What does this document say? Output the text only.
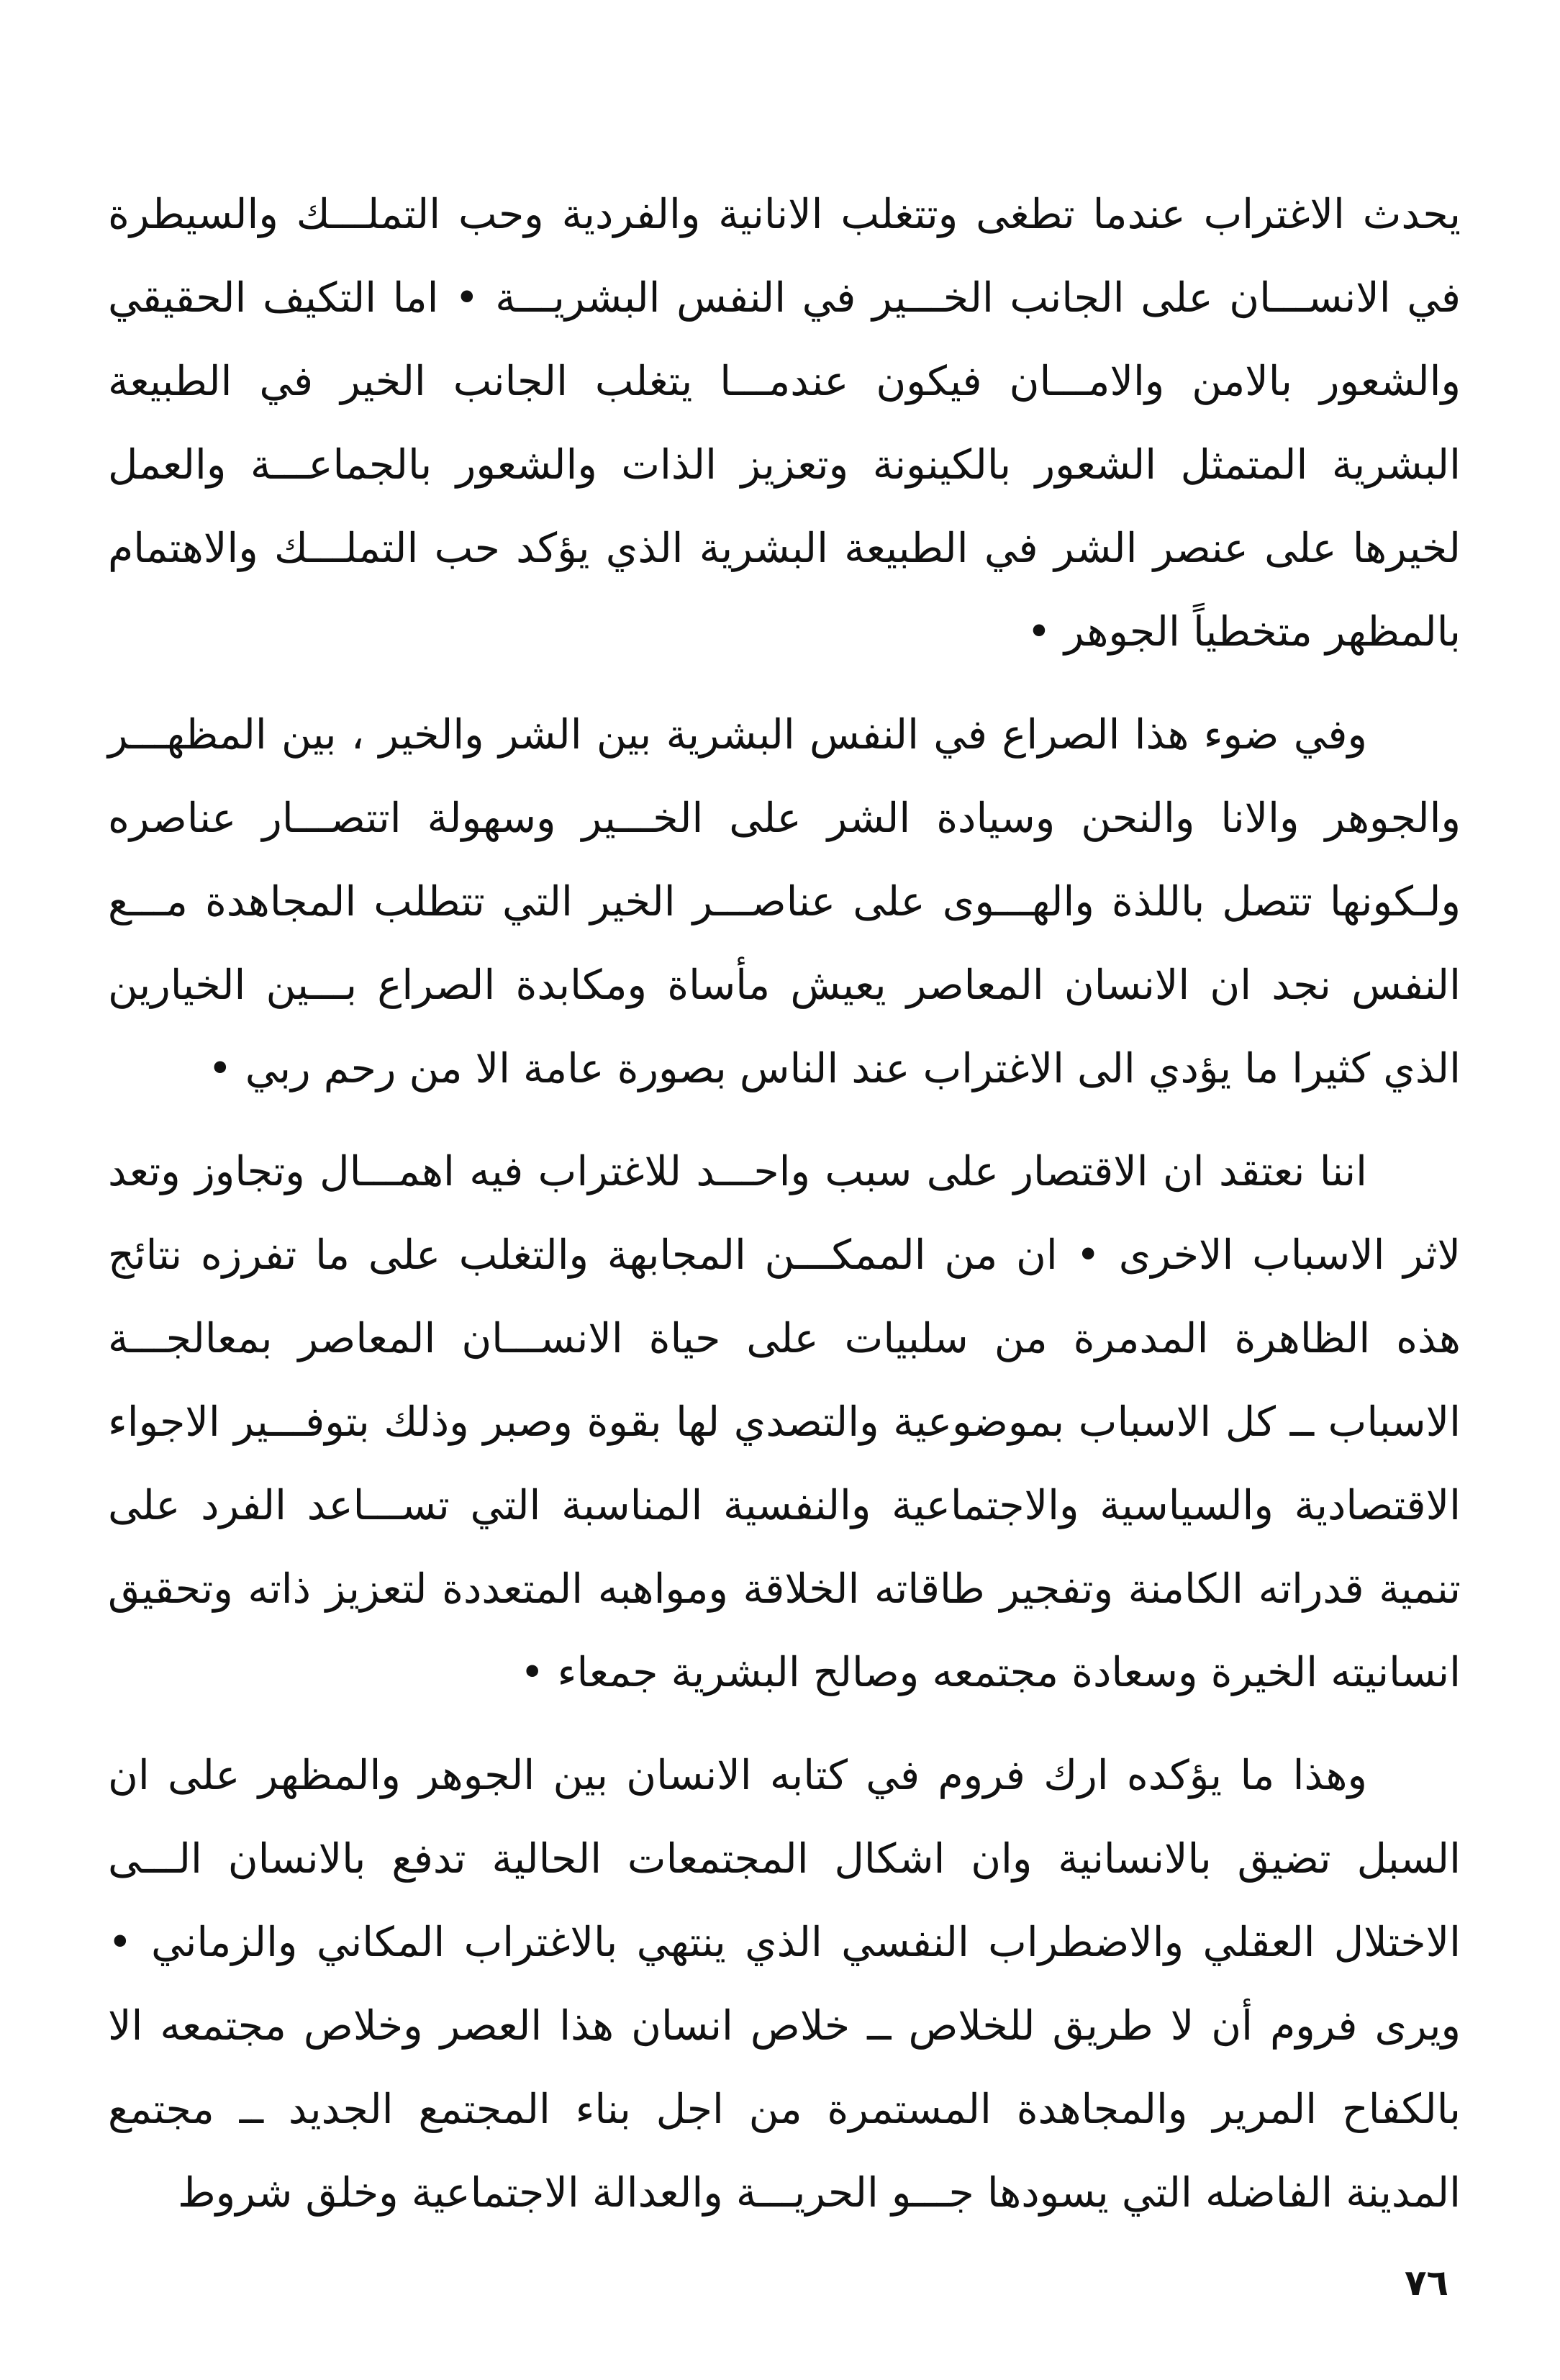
يحدث الاغتراب عندما تطغى وتتغلب الانانية والفردية وحب التملـــك والسيطرة في الانســـان على الجانب الخـــير في النفس البشريـــة • اما التكيف الحقيقي والشعور بالامن والامـــان فيكون عندمـــا يتغلب الجانب الخير في الطبيعة البشرية المتمثل الشعور بالكينونة وتعزيز الذات والشعور بالجماعـــة والعمل لخيرها على عنصر الشر في الطبيعة البشرية الذي يؤكد حب التملـــك والاهتمام بالمظهر متخطياً الجوهر •

وفي ضوء هذا الصراع في النفس البشرية بين الشر والخير ، بين المظهـــر والجوهر والانا والنحن وسيادة الشر على الخـــير وسهولة اتتصـــار عناصره ولـكونها تتصل باللذة والهـــوى على عناصـــر الخير التي تتطلب المجاهدة مـــع النفس نجد ان الانسان المعاصر يعيش مأساة ومكابدة الصراع بـــين الخيارين الذي كثيرا ما يؤدي الى الاغتراب عند الناس بصورة عامة الا من رحم ربي •

اننا نعتقد ان الاقتصار على سبب واحـــد للاغتراب فيه اهمـــال وتجاوز وتعد لاثر الاسباب الاخرى • ان من الممكـــن المجابهة والتغلب على ما تفرزه نتائج هذه الظاهرة المدمرة من سلبيات على حياة الانســـان المعاصر بمعالجـــة الاسباب ــ كل الاسباب بموضوعية والتصدي لها بقوة وصبر وذلك بتوفـــير الاجواء الاقتصادية والسياسية والاجتماعية والنفسية المناسبة التي تســـاعد الفرد على تنمية قدراته الكامنة وتفجير طاقاته الخلاقة ومواهبه المتعددة لتعزيز ذاته وتحقيق انسانيته الخيرة وسعادة مجتمعه وصالح البشرية جمعاء •

وهذا ما يؤكده ارك فروم في كتابه الانسان بين الجوهر والمظهر على ان السبل تضيق بالانسانية وان اشكال المجتمعات الحالية تدفع بالانسان الـــى الاختلال العقلي والاضطراب النفسي الذي ينتهي بالاغتراب المكاني والزماني • ويرى فروم أن لا طريق للخلاص ــ خلاص انسان هذا العصر وخلاص مجتمعه الا بالكفاح المرير والمجاهدة المستمرة من اجل بناء المجتمع الجديد ــ مجتمع المدينة الفاضله التي يسودها جـــو الحريـــة والعدالة الاجتماعية وخلق شروط

٧٦
